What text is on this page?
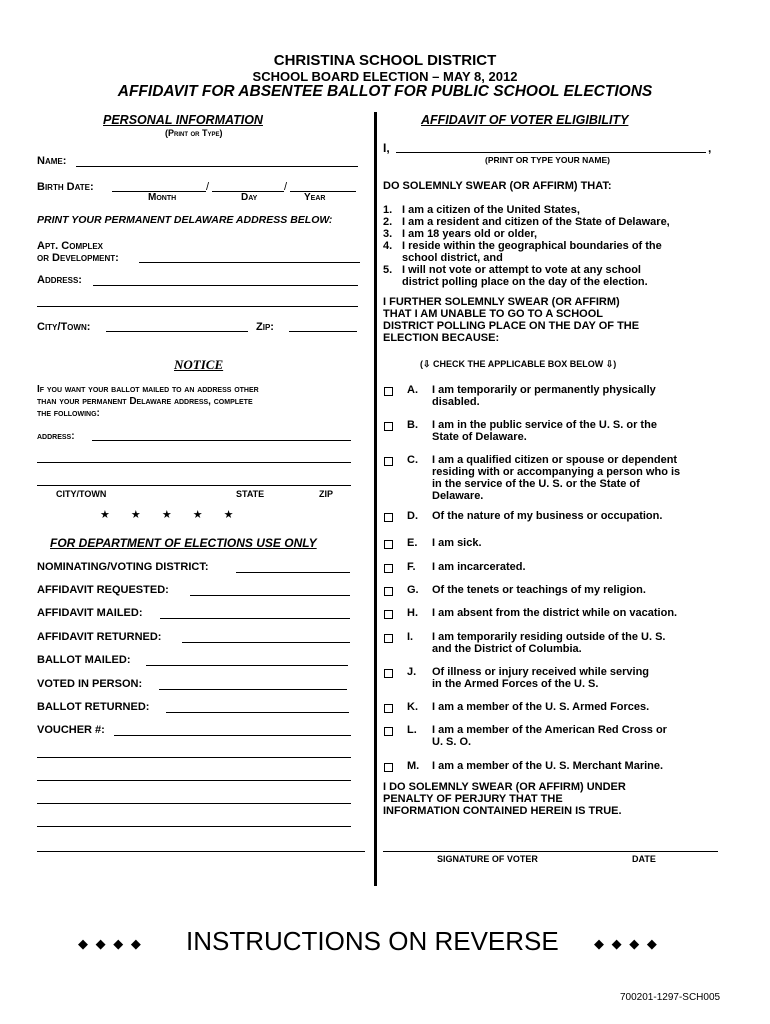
CHRISTINA SCHOOL DISTRICT
SCHOOL BOARD ELECTION – MAY 8, 2012
AFFIDAVIT FOR ABSENTEE BALLOT FOR PUBLIC SCHOOL ELECTIONS
PERSONAL INFORMATION
(Print or Type)
Name:
Birth Date:	/	/
Month	Day	Year
PRINT YOUR PERMANENT DELAWARE ADDRESS BELOW:
Apt. Complex
or Development:
Address:
City/Town:	Zip:
NOTICE
If you want your ballot mailed to an address other
than your permanent Delaware address, complete
the following:
address:
CITY/TOWN	STATE	ZIP
★ ★ ★ ★ ★
FOR DEPARTMENT OF ELECTIONS USE ONLY
NOMINATING/VOTING DISTRICT:
AFFIDAVIT REQUESTED:
AFFIDAVIT MAILED:
AFFIDAVIT RETURNED:
BALLOT MAILED:
VOTED IN PERSON:
BALLOT RETURNED:
VOUCHER #:
AFFIDAVIT OF VOTER ELIGIBILITY
I,	,
(PRINT OR TYPE YOUR NAME)
DO SOLEMNLY SWEAR (OR AFFIRM) THAT:
1. I am a citizen of the United States,
2. I am a resident and citizen of the State of Delaware,
3. I am 18 years old or older,
4. I reside within the geographical boundaries of the
school district, and
5. I will not vote or attempt to vote at any school
district polling place on the day of the election.
I FURTHER SOLEMNLY SWEAR (OR AFFIRM)
THAT I AM UNABLE TO GO TO A SCHOOL
DISTRICT POLLING PLACE ON THE DAY OF THE
ELECTION BECAUSE:
(⇩ CHECK THE APPLICABLE BOX BELOW ⇩)
A. I am temporarily or permanently physically
disabled.
B. I am in the public service of the U. S. or the
State of Delaware.
C. I am a qualified citizen or spouse or dependent
residing with or accompanying a person who is
in the service of the U. S. or the State of
Delaware.
D. Of the nature of my business or occupation.
E. I am sick.
F. I am incarcerated.
G. Of the tenets or teachings of my religion.
H. I am absent from the district while on vacation.
I. I am temporarily residing outside of the U. S.
and the District of Columbia.
J. Of illness or injury received while serving
in the Armed Forces of the U. S.
K. I am a member of the U. S. Armed Forces.
L. I am a member of the American Red Cross or
U. S. O.
M. I am a member of the U. S. Merchant Marine.
I DO SOLEMNLY SWEAR (OR AFFIRM) UNDER
PENALTY OF PERJURY THAT THE
INFORMATION CONTAINED HEREIN IS TRUE.
SIGNATURE OF VOTER	DATE
◆ ◆ ◆ ◆ INSTRUCTIONS ON REVERSE	◆ ◆ ◆ ◆
700201-1297-SCH005
